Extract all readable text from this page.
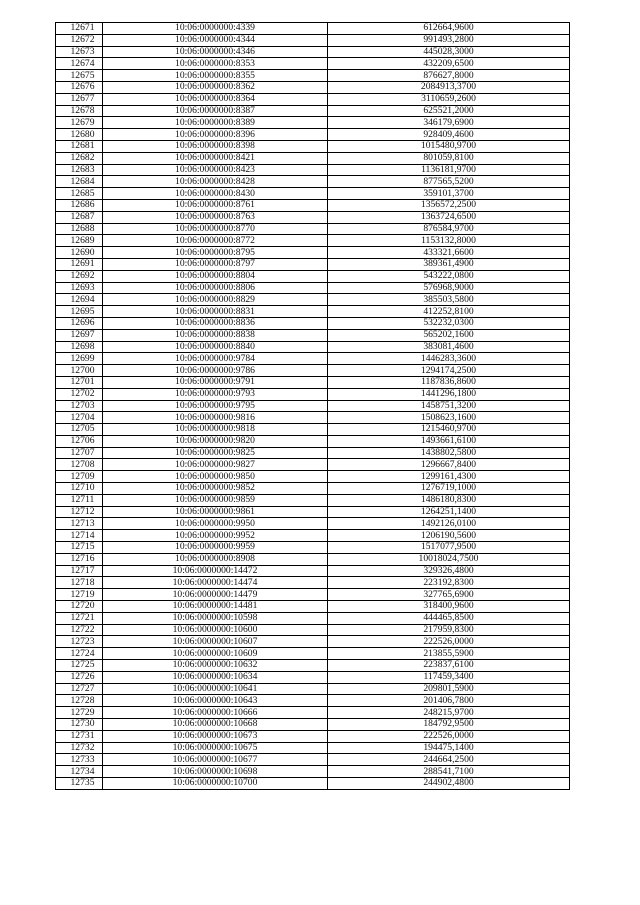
12671	10:06:0000000:4339	612664,9600
12672	10:06:0000000:4344	991493,2800
12673	10:06:0000000:4346	445028,3000
12674	10:06:0000000:8353	432209,6500
12675	10:06:0000000:8355	876627,8000
12676	10:06:0000000:8362	2084913,3700
12677	10:06:0000000:8364	3110659,2600
12678	10:06:0000000:8387	625521,2000
12679	10:06:0000000:8389	346179,6900
12680	10:06:0000000:8396	928409,4600
12681	10:06:0000000:8398	1015480,9700
12682	10:06:0000000:8421	801059,8100
12683	10:06:0000000:8423	1136181,9700
12684	10:06:0000000:8428	877565,5200
12685	10:06:0000000:8430	359101,3700
12686	10:06:0000000:8761	1356572,2500
12687	10:06:0000000:8763	1363724,6500
12688	10:06:0000000:8770	876584,9700
12689	10:06:0000000:8772	1153132,8000
12690	10:06:0000000:8795	433321,6600
12691	10:06:0000000:8797	389361,4900
12692	10:06:0000000:8804	543222,0800
12693	10:06:0000000:8806	576968,9000
12694	10:06:0000000:8829	385503,5800
12695	10:06:0000000:8831	412252,8100
12696	10:06:0000000:8836	532232,0300
12697	10:06:0000000:8838	565202,1600
12698	10:06:0000000:8840	383081,4600
12699	10:06:0000000:9784	1446283,3600
12700	10:06:0000000:9786	1294174,2500
12701	10:06:0000000:9791	1187836,8600
12702	10:06:0000000:9793	1441296,1800
12703	10:06:0000000:9795	1458751,3200
12704	10:06:0000000:9816	1508623,1600
12705	10:06:0000000:9818	1215460,9700
12706	10:06:0000000:9820	1493661,6100
12707	10:06:0000000:9825	1438802,5800
12708	10:06:0000000:9827	1296667,8400
12709	10:06:0000000:9850	1299161,4300
12710	10:06:0000000:9852	1276719,1000
12711	10:06:0000000:9859	1486180,8300
12712	10:06:0000000:9861	1264251,1400
12713	10:06:0000000:9950	1492126,0100
12714	10:06:0000000:9952	1206190,5600
12715	10:06:0000000:9959	1517077,9500
12716	10:06:0000000:8908	10018024,7500
12717	10:06:0000000:14472	329326,4800
12718	10:06:0000000:14474	223192,8300
12719	10:06:0000000:14479	327765,6900
12720	10:06:0000000:14481	318400,9600
12721	10:06:0000000:10598	444465,8500
12722	10:06:0000000:10600	217959,8300
12723	10:06:0000000:10607	222526,0000
12724	10:06:0000000:10609	213855,5900
12725	10:06:0000000:10632	223837,6100
12726	10:06:0000000:10634	117459,3400
12727	10:06:0000000:10641	209801,5900
12728	10:06:0000000:10643	201406,7800
12729	10:06:0000000:10666	248215,9700
12730	10:06:0000000:10668	184792,9500
12731	10:06:0000000:10673	222526,0000
12732	10:06:0000000:10675	194475,1400
12733	10:06:0000000:10677	244664,2500
12734	10:06:0000000:10698	288541,7100
12735	10:06:0000000:10700	244902,4800
